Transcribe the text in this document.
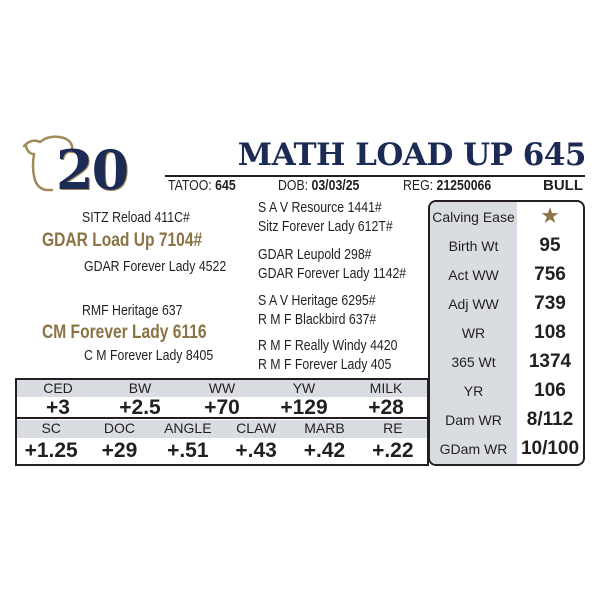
20	MATH LOAD UP 645
TATOO: 645	DOB: 03/03/25	REG: 21250066	BULL
SITZ Reload 411C#
GDAR Load Up 7104#
GDAR Forever Lady 4522
RMF Heritage 637
CM Forever Lady 6116
C M Forever Lady 8405
S A V Resource 1441#
Sitz Forever Lady 612T#
GDAR Leupold 298#
GDAR Forever Lady 1142#
S A V Heritage 6295#
R M F Blackbird 637#
R M F Really Windy 4420
R M F Forever Lady 405
Calving Ease	★
Birth Wt	95
Act WW	756
Adj WW	739
WR	108
365 Wt	1374
YR	106
Dam WR	8/112
GDam WR 10/100
CED	BW	WW	YW	MILK
+3	+2.5	+70	+129	+28
SC	DOC	ANGLE	CLAW	MARB	RE
+1.25	+29	+.51	+.43	+.42	+.22
